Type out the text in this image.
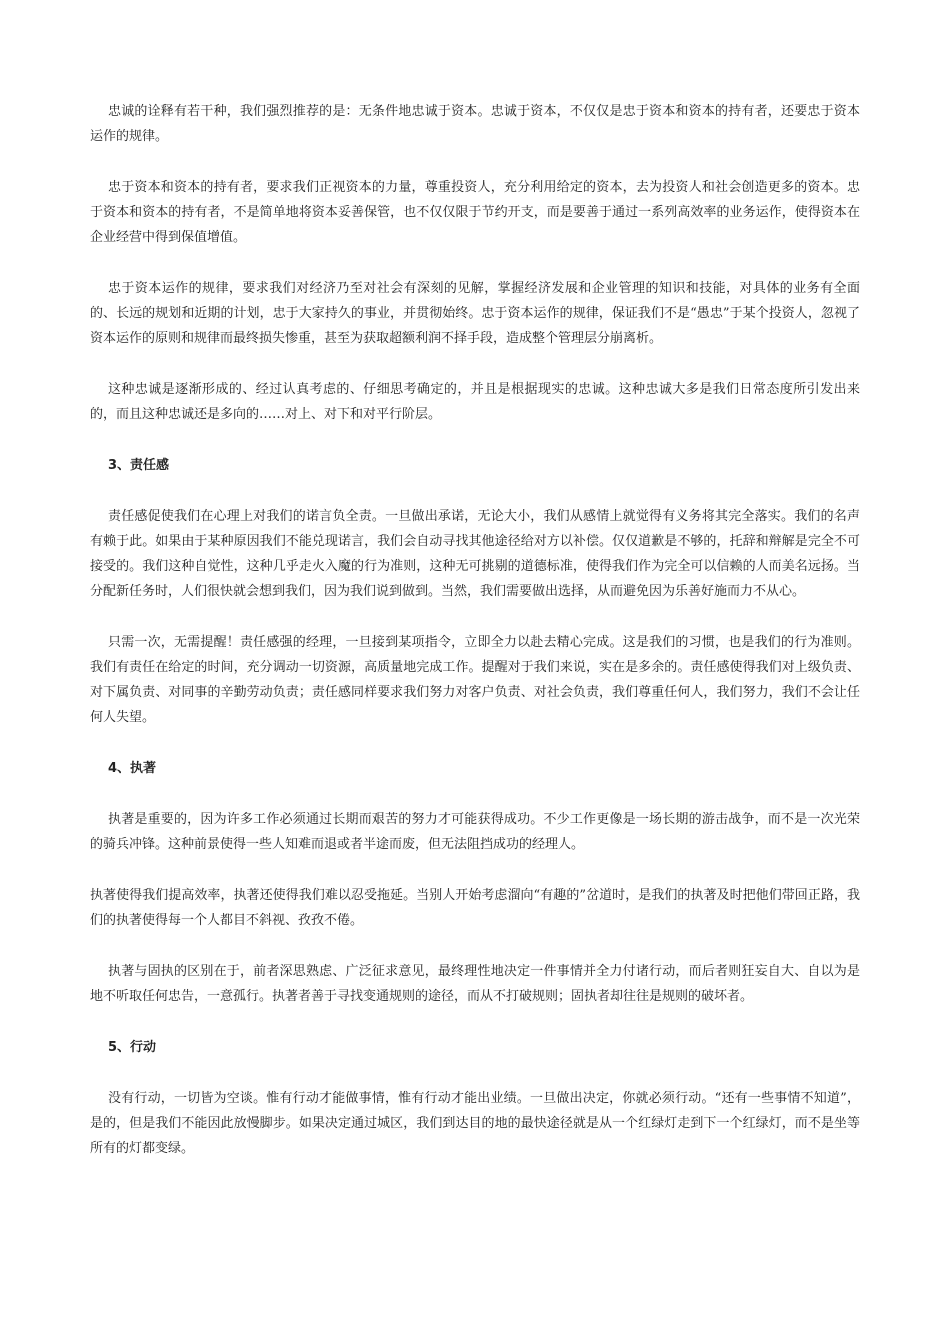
忠诚的诠释有若干种，我们强烈推荐的是：无条件地忠诚于资本。忠诚于资本，不仅仅是忠于资本和资本的持有者，还要忠于资本运作的规律。

忠于资本和资本的持有者，要求我们正视资本的力量，尊重投资人，充分利用给定的资本，去为投资人和社会创造更多的资本。忠于资本和资本的持有者，不是简单地将资本妥善保管，也不仅仅限于节约开支，而是要善于通过一系列高效率的业务运作，使得资本在企业经营中得到保值增值。

忠于资本运作的规律，要求我们对经济乃至对社会有深刻的见解，掌握经济发展和企业管理的知识和技能，对具体的业务有全面的、长远的规划和近期的计划，忠于大家持久的事业，并贯彻始终。忠于资本运作的规律，保证我们不是“愚忠”于某个投资人，忽视了资本运作的原则和规律而最终损失惨重，甚至为获取超额利润不择手段，造成整个管理层分崩离析。

这种忠诚是逐渐形成的、经过认真考虑的、仔细思考确定的，并且是根据现实的忠诚。这种忠诚大多是我们日常态度所引发出来的，而且这种忠诚还是多向的……对上、对下和对平行阶层。

3、责任感

责任感促使我们在心理上对我们的诺言负全责。一旦做出承诺，无论大小，我们从感情上就觉得有义务将其完全落实。我们的名声有赖于此。如果由于某种原因我们不能兑现诺言，我们会自动寻找其他途径给对方以补偿。仅仅道歉是不够的，托辞和辩解是完全不可接受的。我们这种自觉性，这种几乎走火入魔的行为准则，这种无可挑剔的道德标准，使得我们作为完全可以信赖的人而美名远扬。当分配新任务时，人们很快就会想到我们，因为我们说到做到。当然，我们需要做出选择，从而避免因为乐善好施而力不从心。

只需一次，无需提醒！责任感强的经理，一旦接到某项指令，立即全力以赴去精心完成。这是我们的习惯，也是我们的行为准则。我们有责任在给定的时间，充分调动一切资源，高质量地完成工作。提醒对于我们来说，实在是多余的。责任感使得我们对上级负责、对下属负责、对同事的辛勤劳动负责；责任感同样要求我们努力对客户负责、对社会负责，我们尊重任何人，我们努力，我们不会让任何人失望。

4、执著

执著是重要的，因为许多工作必须通过长期而艰苦的努力才可能获得成功。不少工作更像是一场长期的游击战争，而不是一次光荣的骑兵冲锋。这种前景使得一些人知难而退或者半途而废，但无法阻挡成功的经理人。

执著使得我们提高效率，执著还使得我们难以忍受拖延。当别人开始考虑溜向“有趣的”岔道时，是我们的执著及时把他们带回正路，我们的执著使得每一个人都目不斜视、孜孜不倦。

执著与固执的区别在于，前者深思熟虑、广泛征求意见，最终理性地决定一件事情并全力付诸行动，而后者则狂妄自大、自以为是地不听取任何忠告，一意孤行。执著者善于寻找变通规则的途径，而从不打破规则；固执者却往往是规则的破坏者。

5、行动

没有行动，一切皆为空谈。惟有行动才能做事情，惟有行动才能出业绩。一旦做出决定，你就必须行动。“还有一些事情不知道”，是的，但是我们不能因此放慢脚步。如果决定通过城区，我们到达目的地的最快途径就是从一个红绿灯走到下一个红绿灯，而不是坐等所有的灯都变绿。
